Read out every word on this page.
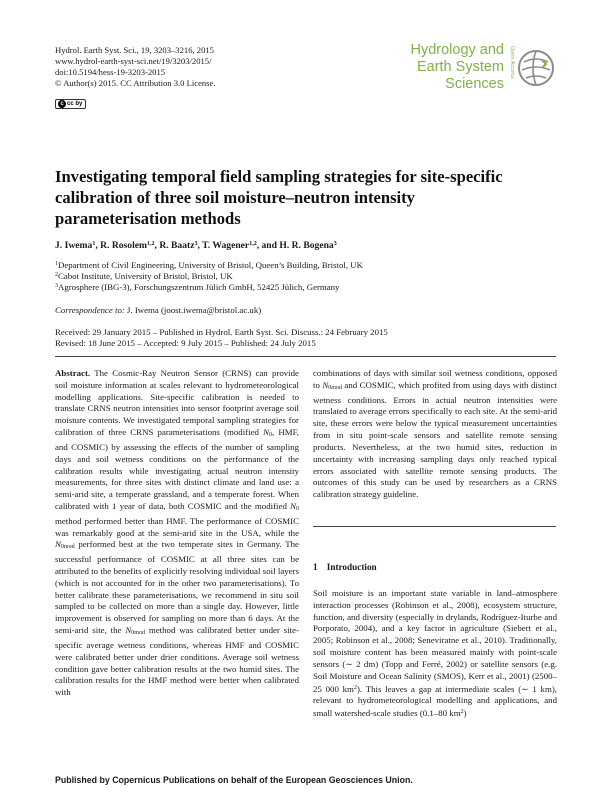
Hydrol. Earth Syst. Sci., 19, 3203–3216, 2015
www.hydrol-earth-syst-sci.net/19/3203/2015/
doi:10.5194/hess-19-3203-2015
© Author(s) 2015. CC Attribution 3.0 License.
c cc by
Hydrology and
Earth System
Sciences
Open Access
Investigating temporal field sampling strategies for site-specific
calibration of three soil moisture–neutron intensity
parameterisation methods
J. Iwema$^1$, R. Rosolem$^{1,2}$, R. Baatz$^3$, T. Wagener$^{1,2}$, and H. R. Bogena$^3$
$^1$Department of Civil Engineering, University of Bristol, Queen’s Building, Bristol, UK
$^2$Cabot Institute, University of Bristol, Bristol, UK
$^3$Agrosphere (IBG-3), Forschungszentrum Jülich GmbH, 52425 Jülich, Germany
Correspondence to: J. Iwema (joost.iwema@bristol.ac.uk)
Received: 29 January 2015 – Published in Hydrol. Earth Syst. Sci. Discuss.: 24 February 2015
Revised: 18 June 2015 – Accepted: 9 July 2015 – Published: 24 July 2015

Abstract. The Cosmic-Ray Neutron Sensor (CRNS) can provide soil moisture information at scales relevant to hydrometeorological modelling applications. Site-specific calibration is needed to translate CRNS neutron intensities into sensor footprint average soil moisture contents. We investigated temporal sampling strategies for calibration of three CRNS parameterisations (modified $N_0$, HMF, and COSMIC) by assessing the effects of the number of sampling days and soil wetness conditions on the performance of the calibration results while investigating actual neutron intensity measurements, for three sites with distinct climate and land use: a semi-arid site, a temperate grassland, and a temperate forest. When calibrated with 1 year of data, both COSMIC and the modified $N_0$ method performed better than HMF. The performance of COSMIC was remarkably good at the semi-arid site in the USA, while the $N_{0mod}$ performed best at the two temperate sites in Germany. The successful performance of COSMIC at all three sites can be attributed to the benefits of explicitly resolving individual soil layers (which is not accounted for in the other two parameterisations). To better calibrate these parameterisations, we recommend in situ soil sampled to be collected on more than a single day. However, little improvement is observed for sampling on more than 6 days. At the semi-arid site, the $N_{0mod}$ method was calibrated better under site-specific average wetness conditions, whereas HMF and COSMIC were calibrated better under drier conditions. Average soil wetness condition gave better calibration results at the two humid sites. The calibration results for the HMF method were better when calibrated with

combinations of days with similar soil wetness conditions, opposed to $N_{0mod}$ and COSMIC, which profited from using days with distinct wetness conditions. Errors in actual neutron intensities were translated to average errors specifically to each site. At the semi-arid site, these errors were below the typical measurement uncertainties from in situ point-scale sensors and satellite remote sensing products. Nevertheless, at the two humid sites, reduction in uncertainty with increasing sampling days only reached typical errors associated with satellite remote sensing products. The outcomes of this study can be used by researchers as a CRNS calibration strategy guideline.

1 Introduction

Soil moisture is an important state variable in land–atmosphere interaction processes (Robinson et al., 2008), ecosystem structure, function, and diversity (especially in drylands, Rodríguez-Iturbe and Porporato, 2004), and a key factor in agriculture (Siebert et al., 2005; Robinson et al., 2008; Seneviratne et al., 2010). Traditionally, soil moisture content has been measured mainly with point-scale sensors (∼ 2 dm) (Topp and Ferré, 2002) or satellite sensors (e.g. Soil Moisture and Ocean Salinity (SMOS), Kerr et al., 2001) (2500–25 000 $km^2$). This leaves a gap at intermediate scales (∼ 1 km), relevant to hydrometeorological modelling and applications, and small watershed-scale studies (0.1–80 $km^2$)

Published by Copernicus Publications on behalf of the European Geosciences Union.
